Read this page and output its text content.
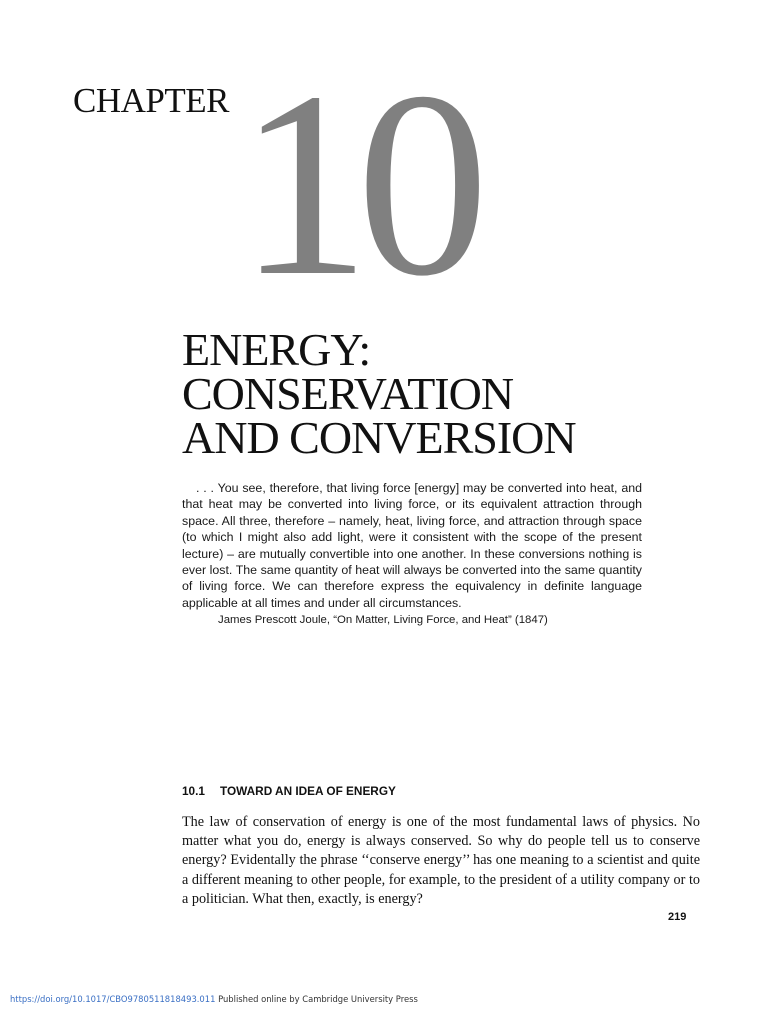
CHAPTER 10
ENERGY:
CONSERVATION
AND CONVERSION

. . . You see, therefore, that living force [energy] may be converted into heat, and that heat may be converted into living force, or its equivalent attraction through space. All three, therefore – namely, heat, living force, and attraction through space (to which I might also add light, were it consistent with the scope of the present lecture) – are mutually convertible into one another. In these conversions nothing is ever lost. The same quantity of heat will always be converted into the same quantity of living force. We can therefore express the equivalency in definite language applicable at all times and under all circumstances.

James Prescott Joule, “On Matter, Living Force, and Heat” (1847)

10.1 TOWARD AN IDEA OF ENERGY

The law of conservation of energy is one of the most fundamental laws of physics. No matter what you do, energy is always conserved. So why do people tell us to conserve energy? Evidentally the phrase ‘‘conserve energy’’ has one meaning to a scientist and quite a different meaning to other people, for example, to the president of a utility company or to a politician. What then, exactly, is energy?

219
https://doi.org/10.1017/CBO9780511818493.011 Published online by Cambridge University Press
